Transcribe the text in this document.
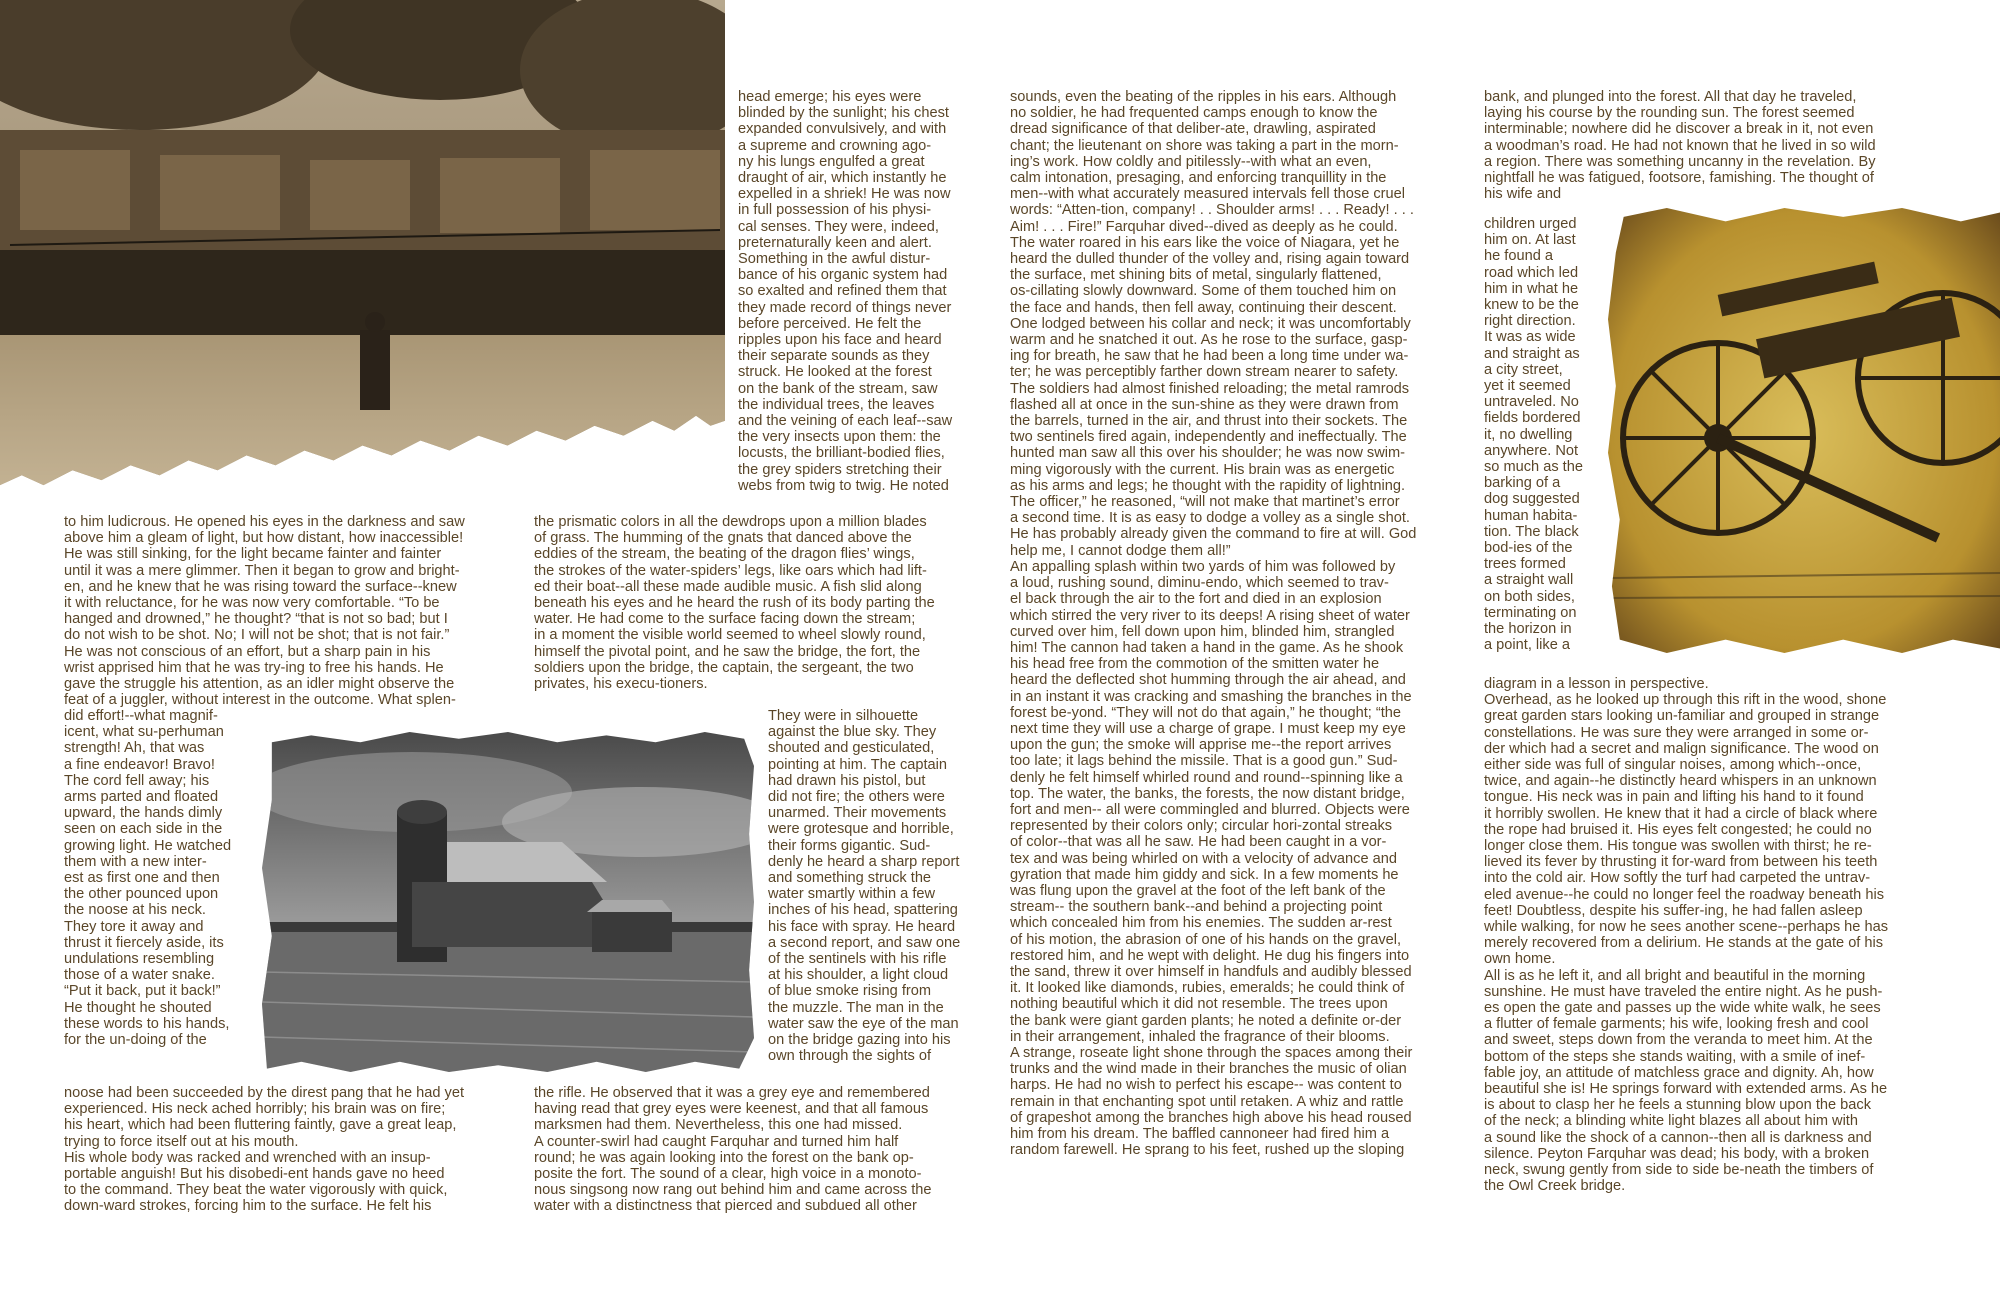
to him ludicrous. He opened his eyes in the darkness and saw
above him a gleam of light, but how distant, how inaccessible!
He was still sinking, for the light became fainter and fainter
until it was a mere glimmer. Then it began to grow and bright-
en, and he knew that he was rising toward the surface--knew
it with reluctance, for he was now very comfortable. “To be
hanged and drowned,” he thought? “that is not so bad; but I
do not wish to be shot. No; I will not be shot; that is not fair.”
He was not conscious of an effort, but a sharp pain in his
wrist apprised him that he was try-ing to free his hands. He
gave the struggle his attention, as an idler might observe the
feat of a juggler, without interest in the outcome. What splen-

did effort!--what magnif-
icent, what su-perhuman
strength! Ah, that was
a fine endeavor! Bravo!
The cord fell away; his
arms parted and floated
upward, the hands dimly
seen on each side in the
growing light. He watched
them with a new inter-
est as first one and then
the other pounced upon
the noose at his neck.
They tore it away and
thrust it fiercely aside, its
undulations resembling
those of a water snake.
“Put it back, put it back!”
He thought he shouted
these words to his hands,
for the un-doing of the

noose had been succeeded by the direst pang that he had yet
experienced. His neck ached horribly; his brain was on fire;
his heart, which had been fluttering faintly, gave a great leap,
trying to force itself out at his mouth.
His whole body was racked and wrenched with an insup-
portable anguish! But his disobedi-ent hands gave no heed
to the command. They beat the water vigorously with quick,
down-ward strokes, forcing him to the surface. He felt his

head emerge; his eyes were
blinded by the sunlight; his chest
expanded convulsively, and with
a supreme and crowning ago-
ny his lungs engulfed a great
draught of air, which instantly he
expelled in a shriek! He was now
in full possession of his physi-
cal senses. They were, indeed,
preternaturally keen and alert.
Something in the awful distur-
bance of his organic system had
so exalted and refined them that
they made record of things never
before perceived. He felt the
ripples upon his face and heard
their separate sounds as they
struck. He looked at the forest
on the bank of the stream, saw
the individual trees, the leaves
and the veining of each leaf--saw
the very insects upon them: the
locusts, the brilliant-bodied flies,
the grey spiders stretching their
webs from twig to twig. He noted

the prismatic colors in all the dewdrops upon a million blades
of grass. The humming of the gnats that danced above the
eddies of the stream, the beating of the dragon flies’ wings,
the strokes of the water-spiders’ legs, like oars which had lift-
ed their boat--all these made audible music. A fish slid along
beneath his eyes and he heard the rush of its body parting the
water. He had come to the surface facing down the stream;
in a moment the visible world seemed to wheel slowly round,
himself the pivotal point, and he saw the bridge, the fort, the
soldiers upon the bridge, the captain, the sergeant, the two
privates, his execu-tioners.

They were in silhouette
against the blue sky. They
shouted and gesticulated,
pointing at him. The captain
had drawn his pistol, but
did not fire; the others were
unarmed. Their movements
were grotesque and horrible,
their forms gigantic. Sud-
denly he heard a sharp report
and something struck the
water smartly within a few
inches of his head, spattering
his face with spray. He heard
a second report, and saw one
of the sentinels with his rifle
at his shoulder, a light cloud
of blue smoke rising from
the muzzle. The man in the
water saw the eye of the man
on the bridge gazing into his
own through the sights of

the rifle. He observed that it was a grey eye and remembered
having read that grey eyes were keenest, and that all famous
marksmen had them. Nevertheless, this one had missed.
A counter-swirl had caught Farquhar and turned him half
round; he was again looking into the forest on the bank op-
posite the fort. The sound of a clear, high voice in a monoto-
nous singsong now rang out behind him and came across the
water with a distinctness that pierced and subdued all other

sounds, even the beating of the ripples in his ears. Although
no soldier, he had frequented camps enough to know the
dread significance of that deliber-ate, drawling, aspirated
chant; the lieutenant on shore was taking a part in the morn-
ing’s work. How coldly and pitilessly--with what an even,
calm intonation, presaging, and enforcing tranquillity in the
men--with what accurately measured intervals fell those cruel
words: “Atten-tion, company! . . Shoulder arms! . . . Ready! . . .
Aim! . . . Fire!” Farquhar dived--dived as deeply as he could.
The water roared in his ears like the voice of Niagara, yet he
heard the dulled thunder of the volley and, rising again toward
the surface, met shining bits of metal, singularly flattened,
os-cillating slowly downward. Some of them touched him on
the face and hands, then fell away, continuing their descent.
One lodged between his collar and neck; it was uncomfortably
warm and he snatched it out. As he rose to the surface, gasp-
ing for breath, he saw that he had been a long time under wa-
ter; he was perceptibly farther down stream nearer to safety.
The soldiers had almost finished reloading; the metal ramrods
flashed all at once in the sun-shine as they were drawn from
the barrels, turned in the air, and thrust into their sockets. The
two sentinels fired again, independently and ineffectually. The
hunted man saw all this over his shoulder; he was now swim-
ming vigorously with the current. His brain was as energetic
as his arms and legs; he thought with the rapidity of lightning.
The officer,” he reasoned, “will not make that martinet’s error
a second time. It is as easy to dodge a volley as a single shot.
He has probably already given the command to fire at will. God
help me, I cannot dodge them all!”
An appalling splash within two yards of him was followed by
a loud, rushing sound, diminu-endo, which seemed to trav-
el back through the air to the fort and died in an explosion
which stirred the very river to its deeps! A rising sheet of water
curved over him, fell down upon him, blinded him, strangled
him! The cannon had taken a hand in the game. As he shook
his head free from the commotion of the smitten water he
heard the deflected shot humming through the air ahead, and
in an instant it was cracking and smashing the branches in the
forest be-yond. “They will not do that again,” he thought; “the
next time they will use a charge of grape. I must keep my eye
upon the gun; the smoke will apprise me--the report arrives
too late; it lags behind the missile. That is a good gun.” Sud-
denly he felt himself whirled round and round--spinning like a
top. The water, the banks, the forests, the now distant bridge,
fort and men-- all were commingled and blurred. Objects were
represented by their colors only; circular hori-zontal streaks
of color--that was all he saw. He had been caught in a vor-
tex and was being whirled on with a velocity of advance and
gyration that made him giddy and sick. In a few moments he
was flung upon the gravel at the foot of the left bank of the
stream-- the southern bank--and behind a projecting point
which concealed him from his enemies. The sudden ar-rest
of his motion, the abrasion of one of his hands on the gravel,
restored him, and he wept with delight. He dug his fingers into
the sand, threw it over himself in handfuls and audibly blessed
it. It looked like diamonds, rubies, emeralds; he could think of
nothing beautiful which it did not resemble. The trees upon
the bank were giant garden plants; he noted a definite or-der
in their arrangement, inhaled the fragrance of their blooms.
A strange, roseate light shone through the spaces among their
trunks and the wind made in their branches the music of olian
harps. He had no wish to perfect his escape-- was content to
remain in that enchanting spot until retaken. A whiz and rattle
of grapeshot among the branches high above his head roused
him from his dream. The baffled cannoneer had fired him a
random farewell. He sprang to his feet, rushed up the sloping

bank, and plunged into the forest. All that day he traveled,
laying his course by the rounding sun. The forest seemed
interminable; nowhere did he discover a break in it, not even
a woodman’s road. He had not known that he lived in so wild
a region. There was something uncanny in the revelation. By
nightfall he was fatigued, footsore, famishing. The thought of
his wife and

children urged
him on. At last
he found a
road which led
him in what he
knew to be the
right direction.
It was as wide
and straight as
a city street,
yet it seemed
untraveled. No
fields bordered
it, no dwelling
anywhere. Not
so much as the
barking of a
dog suggested
human habita-
tion. The black
bod-ies of the
trees formed
a straight wall
on both sides,
terminating on
the horizon in
a point, like a

diagram in a lesson in perspective.
Overhead, as he looked up through this rift in the wood, shone
great garden stars looking un-familiar and grouped in strange
constellations. He was sure they were arranged in some or-
der which had a secret and malign significance. The wood on
either side was full of singular noises, among which--once,
twice, and again--he distinctly heard whispers in an unknown
tongue. His neck was in pain and lifting his hand to it found
it horribly swollen. He knew that it had a circle of black where
the rope had bruised it. His eyes felt congested; he could no
longer close them. His tongue was swollen with thirst; he re-
lieved its fever by thrusting it for-ward from between his teeth
into the cold air. How softly the turf had carpeted the untrav-
eled avenue--he could no longer feel the roadway beneath his
feet! Doubtless, despite his suffer-ing, he had fallen asleep
while walking, for now he sees another scene--perhaps he has
merely recovered from a delirium. He stands at the gate of his
own home.
All is as he left it, and all bright and beautiful in the morning
sunshine. He must have traveled the entire night. As he push-
es open the gate and passes up the wide white walk, he sees
a flutter of female garments; his wife, looking fresh and cool
and sweet, steps down from the veranda to meet him. At the
bottom of the steps she stands waiting, with a smile of inef-
fable joy, an attitude of matchless grace and dignity. Ah, how
beautiful she is! He springs forward with extended arms. As he
is about to clasp her he feels a stunning blow upon the back
of the neck; a blinding white light blazes all about him with
a sound like the shock of a cannon--then all is darkness and
silence. Peyton Farquhar was dead; his body, with a broken
neck, swung gently from side to side be-neath the timbers of
the Owl Creek bridge.
